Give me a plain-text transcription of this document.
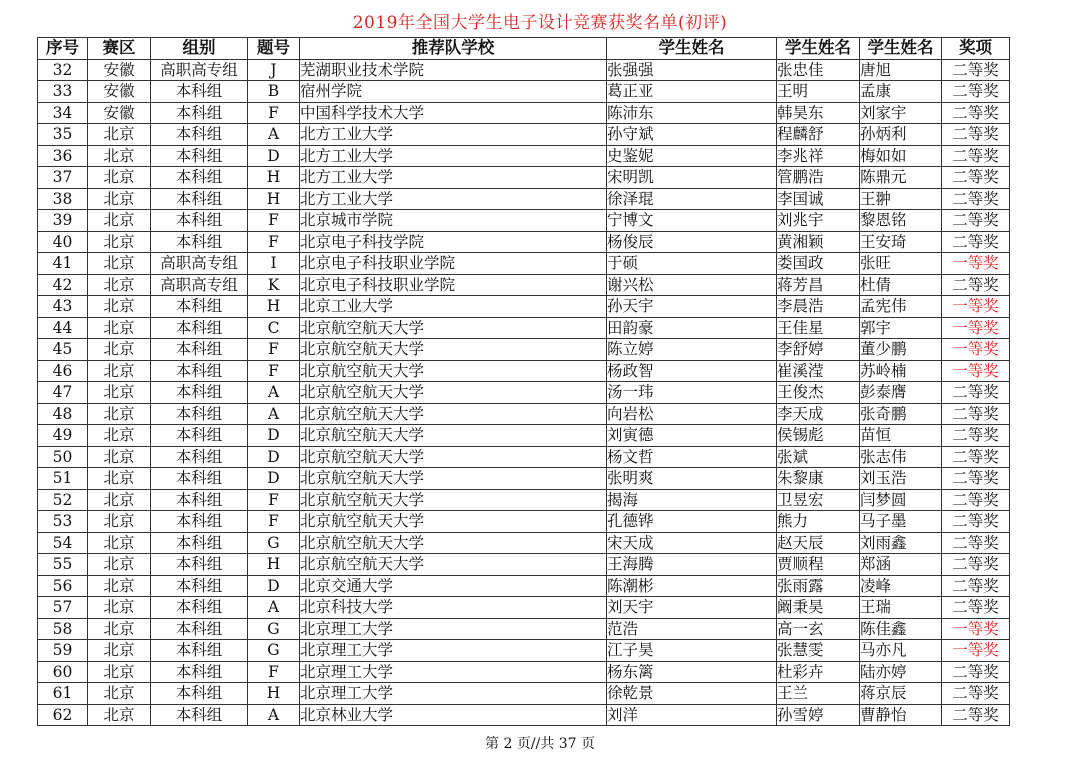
2019年全国大学生电子设计竞赛获奖名单(初评)
序号	赛区	组别	题号	推荐队学校	学生姓名	学生姓名	学生姓名	奖项
32	安徽	高职高专组	J	芜湖职业技术学院	张强强	张忠佳	唐旭	二等奖
33	安徽	本科组	B	宿州学院	葛正亚	王明	孟康	二等奖
34	安徽	本科组	F	中国科学技术大学	陈沛东	韩昊东	刘家宇	二等奖
35	北京	本科组	A	北方工业大学	孙守斌	程麟舒	孙炳利	二等奖
36	北京	本科组	D	北方工业大学	史鉴妮	李兆祥	梅如如	二等奖
37	北京	本科组	H	北方工业大学	宋明凯	管鹏浩	陈鼎元	二等奖
38	北京	本科组	H	北方工业大学	徐泽琨	李国诚	王翀	二等奖
39	北京	本科组	F	北京城市学院	宁博文	刘兆宇	黎恩铭	二等奖
40	北京	本科组	F	北京电子科技学院	杨俊辰	黄湘颖	王安琦	二等奖
41	北京	高职高专组	I	北京电子科技职业学院	于硕	娄国政	张旺	一等奖
42	北京	高职高专组	K	北京电子科技职业学院	谢兴松	蒋芳昌	杜倩	二等奖
43	北京	本科组	H	北京工业大学	孙天宇	李晨浩	孟宪伟	一等奖
44	北京	本科组	C	北京航空航天大学	田韵豪	王佳星	郭宇	一等奖
45	北京	本科组	F	北京航空航天大学	陈立婷	李舒婷	董少鹏	一等奖
46	北京	本科组	F	北京航空航天大学	杨政智	崔溪滢	苏岭楠	一等奖
47	北京	本科组	A	北京航空航天大学	汤一玮	王俊杰	彭泰膺	二等奖
48	北京	本科组	A	北京航空航天大学	向岩松	李天成	张奇鹏	二等奖
49	北京	本科组	D	北京航空航天大学	刘寅德	侯锡彪	苗恒	二等奖
50	北京	本科组	D	北京航空航天大学	杨文哲	张斌	张志伟	二等奖
51	北京	本科组	D	北京航空航天大学	张明爽	朱黎康	刘玉浩	二等奖
52	北京	本科组	F	北京航空航天大学	揭海	卫昱宏	闫梦圆	二等奖
53	北京	本科组	F	北京航空航天大学	孔德铧	熊力	马子墨	二等奖
54	北京	本科组	G	北京航空航天大学	宋天成	赵天辰	刘雨鑫	二等奖
55	北京	本科组	H	北京航空航天大学	王海腾	贾顺程	郑涵	二等奖
56	北京	本科组	D	北京交通大学	陈潮彬	张雨露	凌峰	二等奖
57	北京	本科组	A	北京科技大学	刘天宇	阚秉昊	王瑞	二等奖
58	北京	本科组	G	北京理工大学	范浩	高一玄	陈佳鑫	一等奖
59	北京	本科组	G	北京理工大学	江子昊	张慧雯	马亦凡	一等奖
60	北京	本科组	F	北京理工大学	杨东篱	杜彩卉	陆亦婷	二等奖
61	北京	本科组	H	北京理工大学	徐乾景	王兰	蒋京辰	二等奖
62	北京	本科组	A	北京林业大学	刘洋	孙雪婷	曹静怡	二等奖
第 2 页//共 37 页
